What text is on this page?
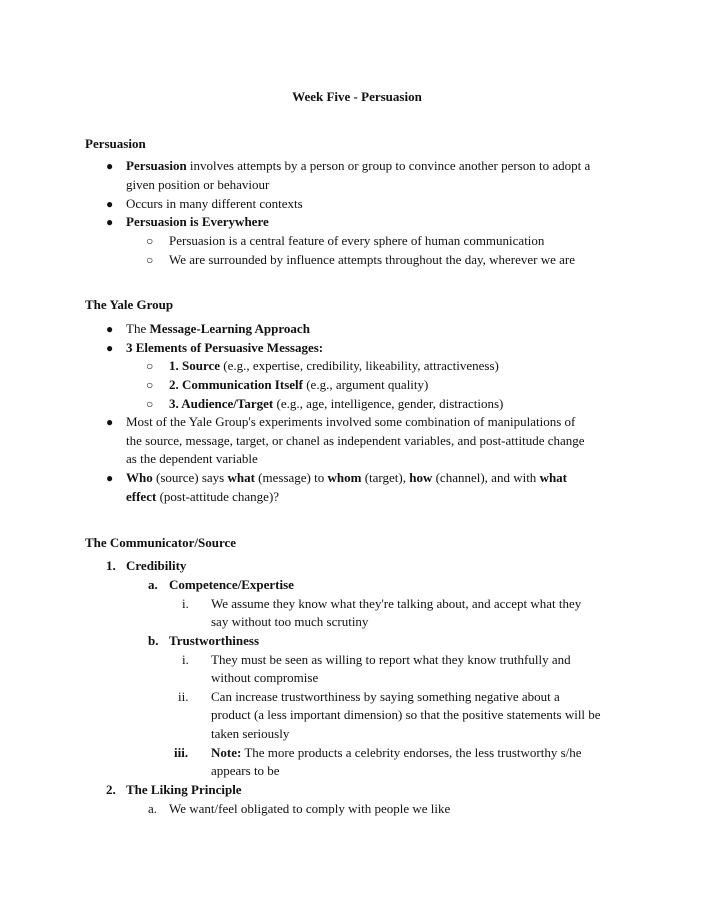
Week Five - Persuasion
Persuasion
● Persuasion involves attempts by a person or group to convince another person to adopt a
given position or behaviour
● Occurs in many different contexts
● Persuasion is Everywhere
○ Persuasion is a central feature of every sphere of human communication
○ We are surrounded by influence attempts throughout the day, wherever we are
The Yale Group
● The Message-Learning Approach
● 3 Elements of Persuasive Messages:
○ 1. Source (e.g., expertise, credibility, likeability, attractiveness)
○ 2. Communication Itself (e.g., argument quality)
○ 3. Audience/Target (e.g., age, intelligence, gender, distractions)
● Most of the Yale Group's experiments involved some combination of manipulations of
the source, message, target, or chanel as independent variables, and post-attitude change
as the dependent variable
● Who (source) says what (message) to whom (target), how (channel), and with what
effect (post-attitude change)?
The Communicator/Source
1. Credibility
a. Competence/Expertise
i. We assume they know what they're talking about, and accept what they
say without too much scrutiny
b. Trustworthiness
i. They must be seen as willing to report what they know truthfully and
without compromise
ii. Can increase trustworthiness by saying something negative about a
product (a less important dimension) so that the positive statements will be
taken seriously
iii. Note: The more products a celebrity endorses, the less trustworthy s/he
appears to be
2. The Liking Principle
a. We want/feel obligated to comply with people we like
